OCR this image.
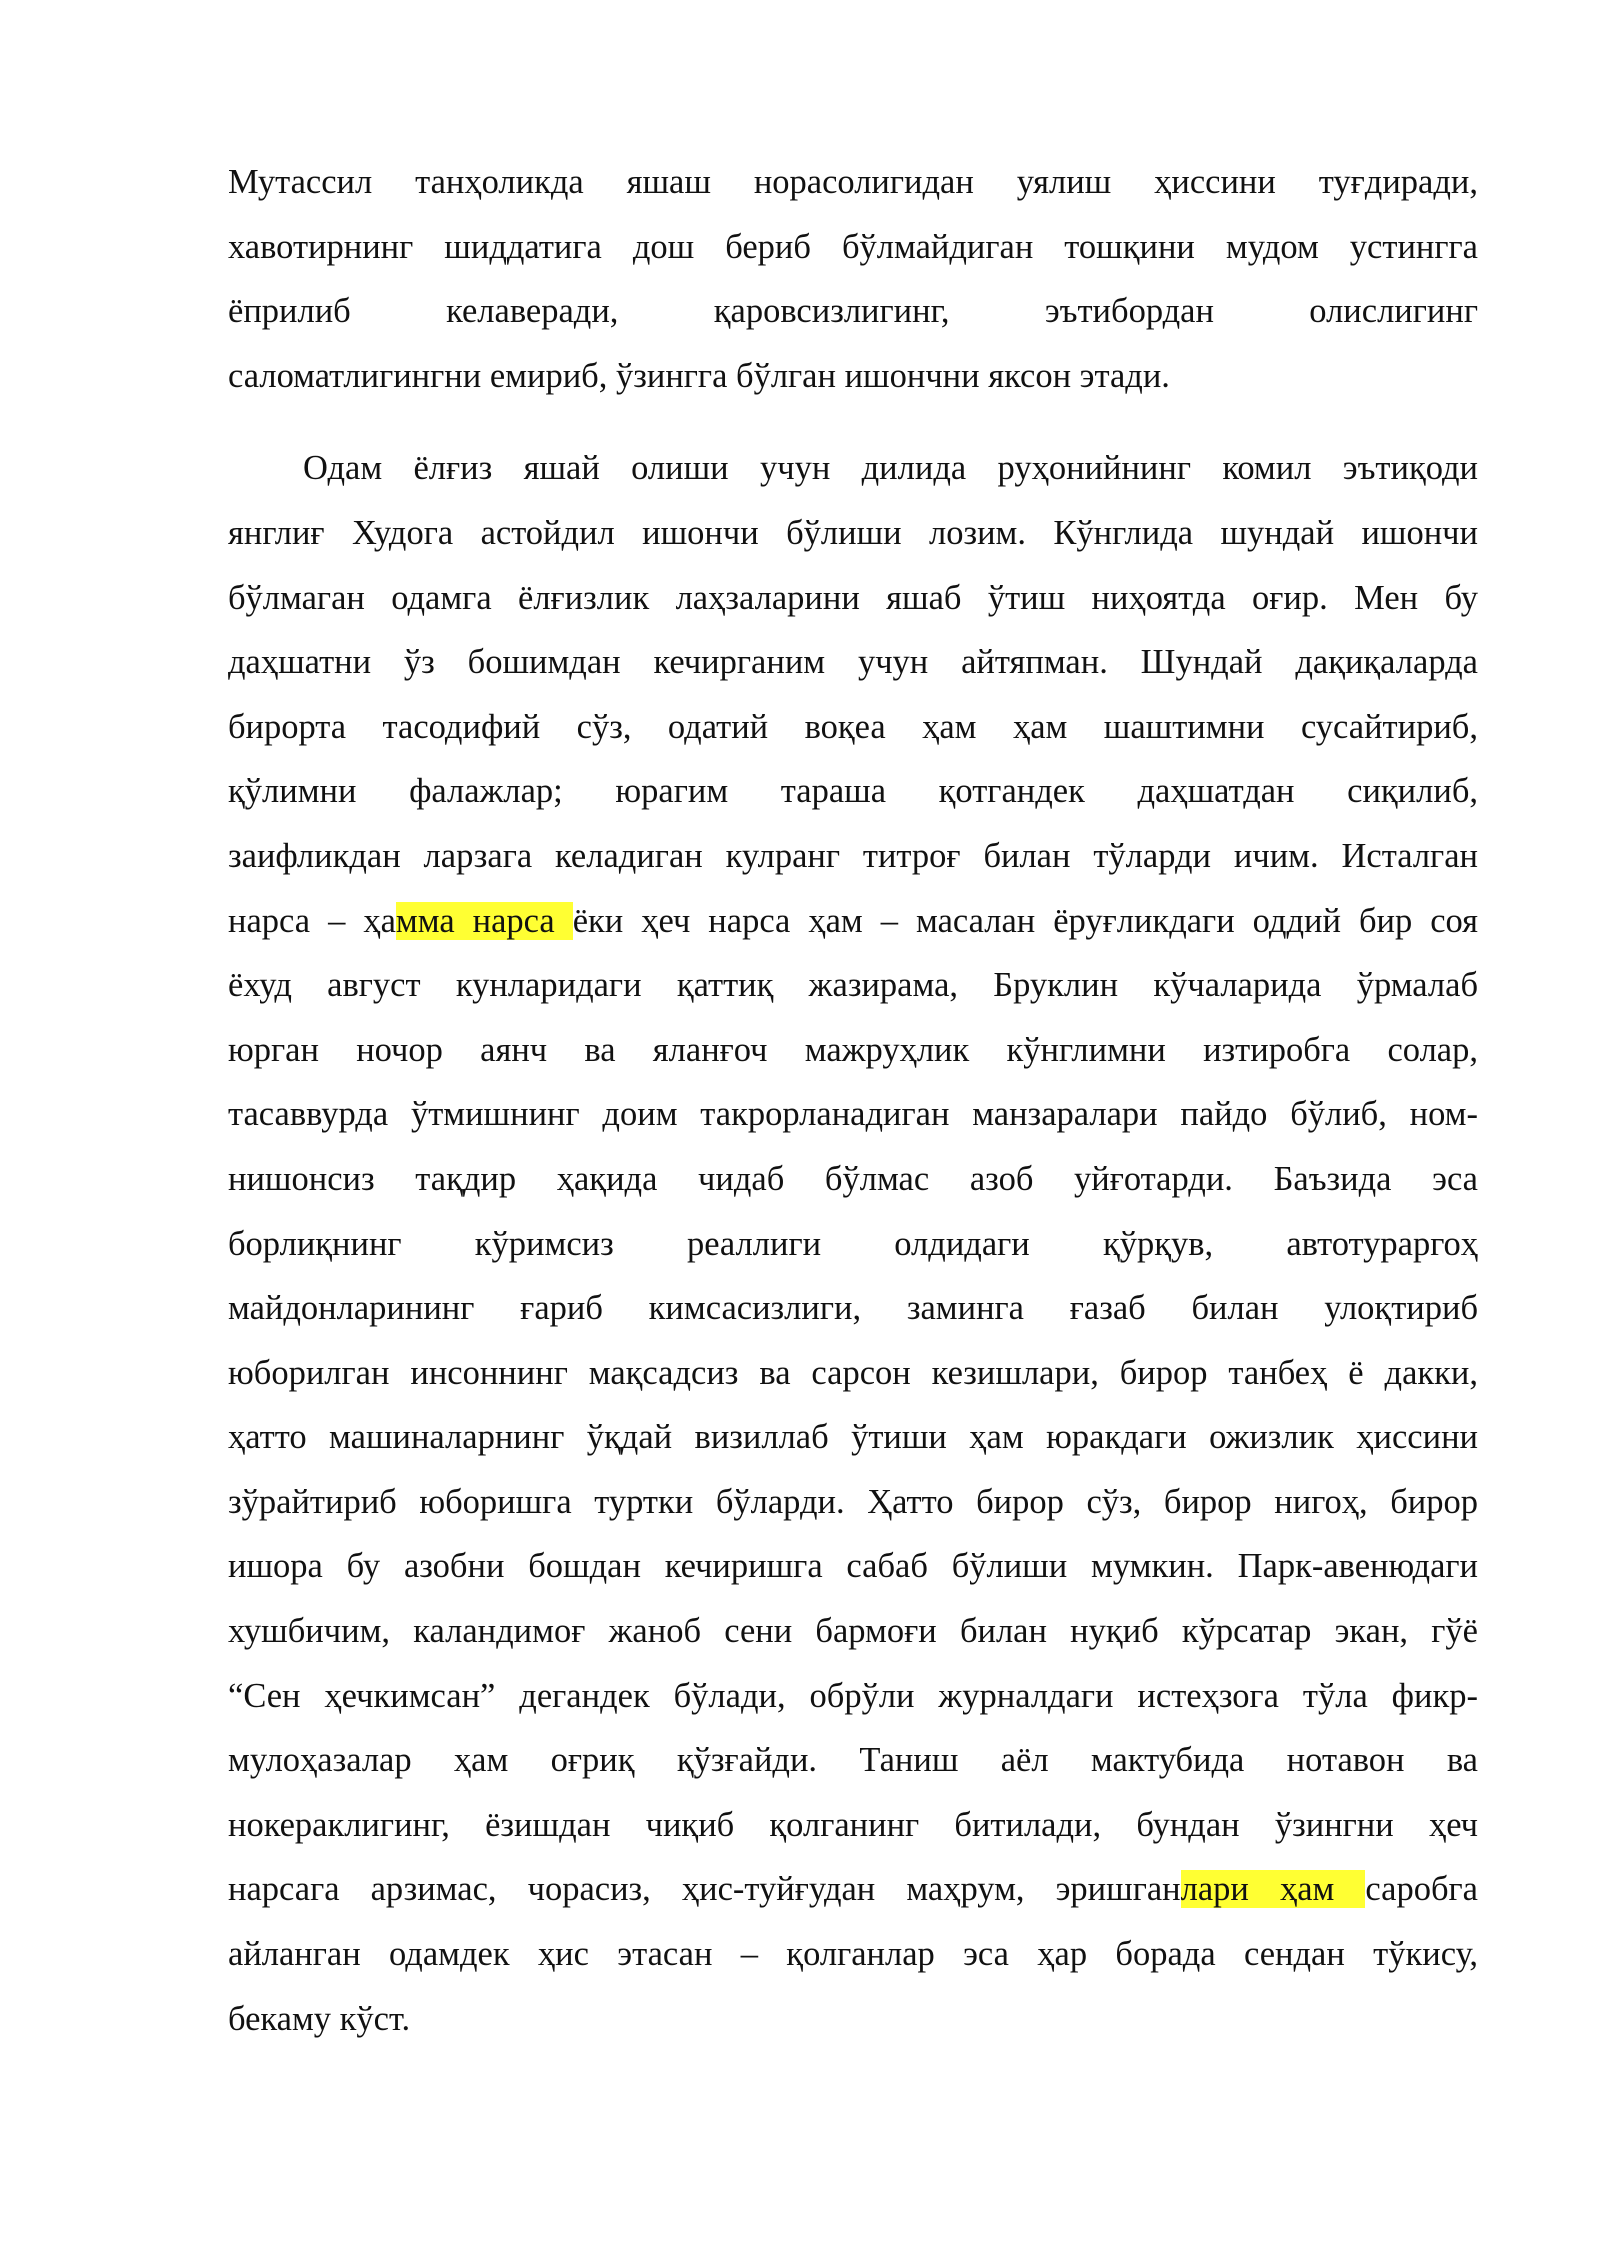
Мутассил танҳоликда яшаш норасолигидан уялиш ҳиссини туғдиради,
хавотирнинг шиддатига дош бериб бўлмайдиган тошқини мудом устингга
ёприлиб келаверади, қаровсизлигинг, эътибордан олислигинг
саломатлигингни емириб, ўзингга бўлган ишончни яксон этади.
Одам ёлғиз яшай олиши учун дилида руҳонийнинг комил эътиқоди
янглиғ Худога астойдил ишончи бўлиши лозим. Кўнглида шундай ишончи
бўлмаган одамга ёлғизлик лаҳзаларини яшаб ўтиш ниҳоятда оғир. Мен бу
даҳшатни ўз бошимдан кечирганим учун айтяпман. Шундай дақиқаларда
бирорта тасодифий сўз, одатий воқеа ҳам ҳам шаштимни сусайтириб,
қўлимни фалажлар; юрагим тараша қотгандек даҳшатдан сиқилиб,
заифликдан ларзага келадиган кулранг титроғ билан тўларди ичим. Исталган
нарса – ҳамма нарса ёки ҳеч нарса ҳам – масалан ёруғликдаги оддий бир соя
ёхуд август кунларидаги қаттиқ жазирама, Бруклин кўчаларида ўрмалаб
юрган ночор аянч ва яланғоч мажруҳлик кўнглимни изтиробга солар,
тасаввурда ўтмишнинг доим такрорланадиган манзаралари пайдо бўлиб, ном-
нишонсиз тақдир ҳақида чидаб бўлмас азоб уйғотарди. Баъзида эса
борлиқнинг кўримсиз реаллиги олдидаги қўрқув, автотураргоҳ
майдонларининг ғариб кимсасизлиги, заминга ғазаб билан улоқтириб
юборилган инсоннинг мақсадсиз ва сарсон кезишлари, бирор танбеҳ ё дакки,
ҳатто машиналарнинг ўқдай визиллаб ўтиши ҳам юракдаги ожизлик ҳиссини
зўрайтириб юборишга туртки бўларди. Ҳатто бирор сўз, бирор нигоҳ, бирор
ишора бу азобни бошдан кечиришга сабаб бўлиши мумкин. Парк-авенюдаги
хушбичим, каландимоғ жаноб сени бармоғи билан нуқиб кўрсатар экан, гўё
“Сен ҳечкимсан” дегандек бўлади, обрўли журналдаги истеҳзога тўла фикр-
мулоҳазалар ҳам оғриқ қўзғайди. Таниш аёл мактубида нотавон ва
нокераклигинг, ёзишдан чиқиб қолганинг битилади, бундан ўзингни ҳеч
нарсага арзимас, чорасиз, ҳис-туйғудан маҳрум, эришганлари ҳам саробга
айланган одамдек ҳис этасан – қолганлар эса ҳар борада сендан тўкису,
бекаму кўст.
